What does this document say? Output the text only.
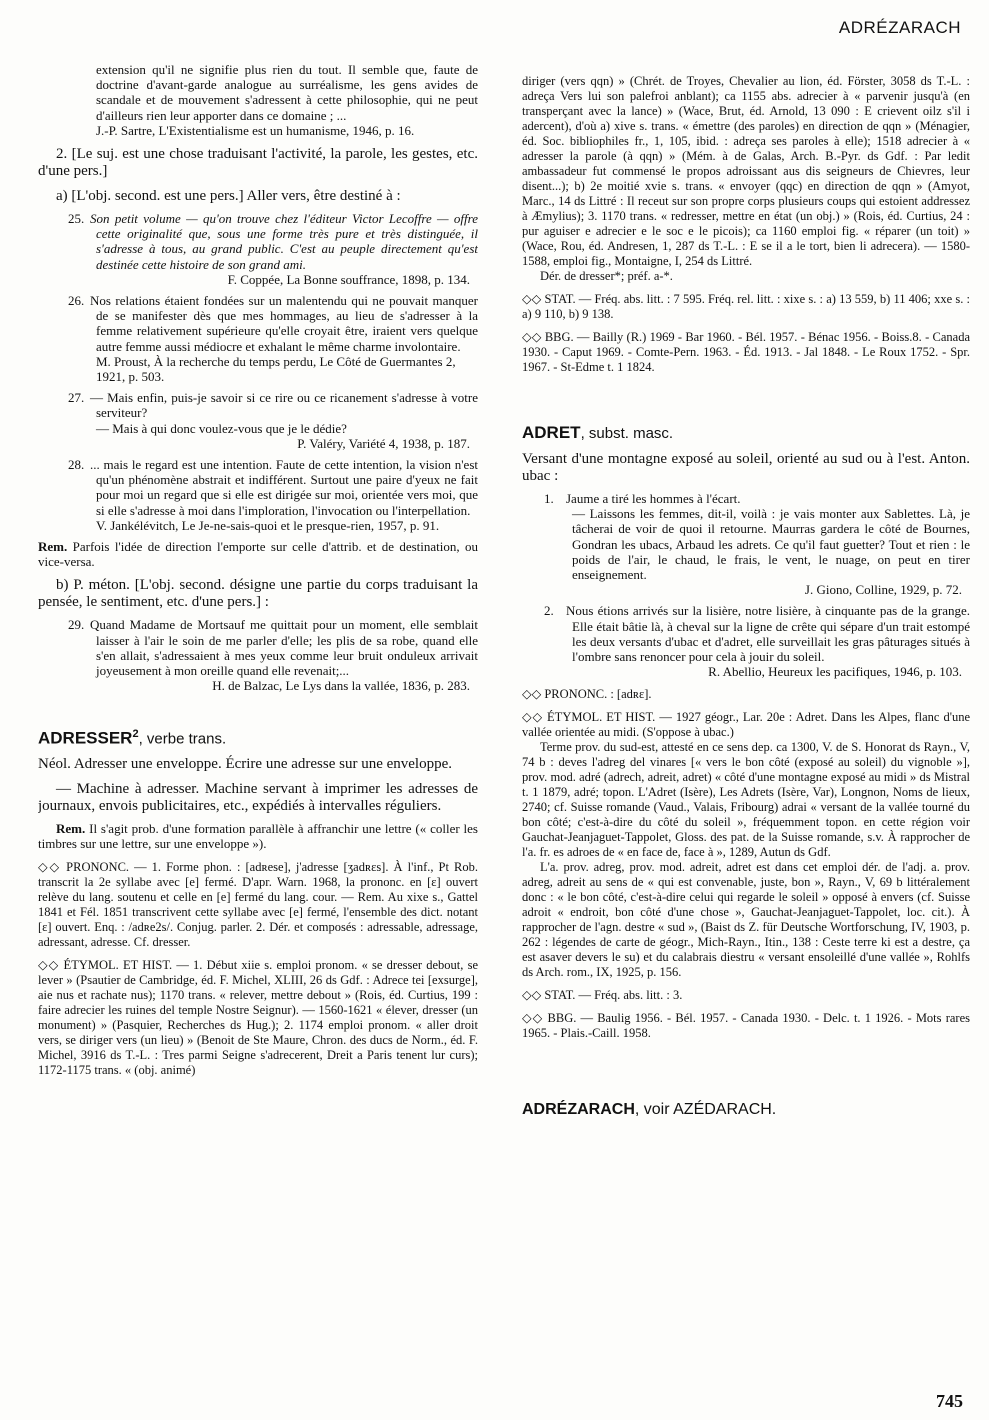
ADRÉZARACH
extension qu'il ne signifie plus rien du tout. Il semble que, faute de doctrine d'avant-garde analogue au surréalisme, les gens avides de scandale et de mouvement s'adressent à cette philosophie, qui ne peut d'ailleurs rien leur apporter dans ce domaine ; ...
J.-P. Sartre, L'Existentialisme est un humanisme, 1946, p. 16.
2. [Le suj. est une chose traduisant l'activité, la parole, les gestes, etc. d'une pers.]
a) [L'obj. second. est une pers.] Aller vers, être destiné à :
25. Son petit volume — qu'on trouve chez l'éditeur Victor Lecoffre — offre cette originalité que, sous une forme très pure et très distinguée, il s'adresse à tous, au grand public. C'est au peuple directement qu'est destinée cette histoire de son grand ami.
F. Coppée, La Bonne souffrance, 1898, p. 134.
26. Nos relations étaient fondées sur un malentendu qui ne pouvait manquer de se manifester dès que mes hommages, au lieu de s'adresser à la femme relativement supérieure qu'elle croyait être, iraient vers quelque autre femme aussi médiocre et exhalant le même charme involontaire.
M. Proust, À la recherche du temps perdu, Le Côté de Guermantes 2, 1921, p. 503.
27. — Mais enfin, puis-je savoir si ce rire ou ce ricanement s'adresse à votre serviteur?
— Mais à qui donc voulez-vous que je le dédie?
P. Valéry, Variété 4, 1938, p. 187.
28. ... mais le regard est une intention. Faute de cette intention, la vision n'est qu'un phénomène abstrait et indifférent. Surtout une paire d'yeux ne fait pour moi un regard que si elle est dirigée sur moi, orientée vers moi, que si elle s'adresse à moi dans l'imploration, l'invocation ou l'interpellation.
V. Jankélévitch, Le Je-ne-sais-quoi et le presque-rien, 1957, p. 91.
Rem. Parfois l'idée de direction l'emporte sur celle d'attrib. et de destination, ou vice-versa.
b) P. méton. [L'obj. second. désigne une partie du corps traduisant la pensée, le sentiment, etc. d'une pers.] :
29. Quand Madame de Mortsauf me quittait pour un moment, elle semblait laisser à l'air le soin de me parler d'elle; les plis de sa robe, quand elle s'en allait, s'adressaient à mes yeux comme leur bruit onduleux arrivait joyeusement à mon oreille quand elle revenait;...
H. de Balzac, Le Lys dans la vallée, 1836, p. 283.
ADRESSER$^2$, verbe trans.
Néol. Adresser une enveloppe. Écrire une adresse sur une enveloppe.
— Machine à adresser. Machine servant à imprimer les adresses de journaux, envois publicitaires, etc., expédiés à intervalles réguliers.
Rem. Il s'agit prob. d'une formation parallèle à affranchir une lettre (« coller les timbres sur une lettre, sur une enveloppe »).
◇◇ PRONONC. — 1. Forme phon. : [adʀese], j'adresse [ʒadʀɛs]. À l'inf., Pt Rob. transcrit la 2e syllabe avec [e] fermé. D'apr. Warn. 1968, la prononc. en [ɛ] ouvert relève du lang. soutenu et celle en [e] fermé du lang. cour. — Rem. Au xixe s., Gattel 1841 et Fél. 1851 transcrivent cette syllabe avec [e] fermé, l'ensemble des dict. notant [ɛ] ouvert. Enq. : /adʀe2s/. Conjug. parler. 2. Dér. et composés : adressable, adressage, adressant, adresse. Cf. dresser.
◇◇ ÉTYMOL. ET HIST. — 1. Début xiie s. emploi pronom. « se dresser debout, se lever » (Psautier de Cambridge, éd. F. Michel, XLIII, 26 ds Gdf. : Adrece tei [exsurge], aie nus et rachate nus); 1170 trans. « relever, mettre debout » (Rois, éd. Curtius, 199 : faire adrecier les ruines del temple Nostre Seignur). — 1560-1621 « élever, dresser (un monument) » (Pasquier, Recherches ds Hug.); 2. 1174 emploi pronom. « aller droit vers, se diriger vers (un lieu) » (Benoit de Ste Maure, Chron. des ducs de Norm., éd. F. Michel, 3916 ds T.-L. : Tres parmi Seigne s'adrecerent, Dreit a Paris tenent lur curs); 1172-1175 trans. « (obj. animé)
diriger (vers qqn) » (Chrét. de Troyes, Chevalier au lion, éd. Förster, 3058 ds T.-L. : adreça Vers lui son palefroi anblant); ca 1155 abs. adrecier à « parvenir jusqu'à (en transperçant avec la lance) » (Wace, Brut, éd. Arnold, 13 090 : E crievent oilz s'il i adercent), d'où a) xive s. trans. « émettre (des paroles) en direction de qqn » (Ménagier, éd. Soc. bibliophiles fr., 1, 105, ibid. : adreça ses paroles à elle); 1518 adrecier à « adresser la parole (à qqn) » (Mém. à de Galas, Arch. B.-Pyr. ds Gdf. : Par ledit ambassadeur fut commensé le propos adroissant aus dis seigneurs de Chievres, leur disent...); b) 2e moitié xvie s. trans. « envoyer (qqc) en direction de qqn » (Amyot, Marc., 14 ds Littré : Il receut sur son propre corps plusieurs coups qui estoient addressez à Æmylius); 3. 1170 trans. « redresser, mettre en état (un obj.) » (Rois, éd. Curtius, 24 : pur aguiser e adrecier e le soc e le picois); ca 1160 emploi fig. « réparer (un toit) » (Wace, Rou, éd. Andresen, 1, 287 ds T.-L. : E se il a le tort, bien li adrecera). — 1580-1588, emploi fig., Montaigne, I, 254 ds Littré.
Dér. de dresser*; préf. a-*.
◇◇ STAT. — Fréq. abs. litt. : 7 595. Fréq. rel. litt. : xixe s. : a) 13 559, b) 11 406; xxe s. : a) 9 110, b) 9 138.
◇◇ BBG. — Bailly (R.) 1969 - Bar 1960. - Bél. 1957. - Bénac 1956. - Boiss.8. - Canada 1930. - Caput 1969. - Comte-Pern. 1963. - Éd. 1913. - Jal 1848. - Le Roux 1752. - Spr. 1967. - St-Edme t. 1 1824.
ADRET, subst. masc.
Versant d'une montagne exposé au soleil, orienté au sud ou à l'est. Anton. ubac :
1. Jaume a tiré les hommes à l'écart.
— Laissons les femmes, dit-il, voilà : je vais monter aux Sablettes. Là, je tâcherai de voir de quoi il retourne. Maurras gardera le côté de Bournes, Gondran les ubacs, Arbaud les adrets. Ce qu'il faut guetter? Tout et rien : le poids de l'air, le chaud, le frais, le vent, le nuage, on peut en tirer enseignement.
J. Giono, Colline, 1929, p. 72.
2. Nous étions arrivés sur la lisière, notre lisière, à cinquante pas de la grange. Elle était bâtie là, à cheval sur la ligne de crête qui sépare d'un trait estompé les deux versants d'ubac et d'adret, elle surveillait les gras pâturages situés à l'ombre sans renoncer pour cela à jouir du soleil.
R. Abellio, Heureux les pacifiques, 1946, p. 103.
◇◇ PRONONC. : [adʀɛ].
◇◇ ÉTYMOL. ET HIST. — 1927 géogr., Lar. 20e : Adret. Dans les Alpes, flanc d'une vallée orientée au midi. (S'oppose à ubac.)
Terme prov. du sud-est, attesté en ce sens dep. ca 1300, V. de S. Honorat ds Rayn., V, 74 b : deves l'adreg del vinares [« vers le bon côté (exposé au soleil) du vignoble »], prov. mod. adré (adrech, adreit, adret) « côté d'une montagne exposé au midi » ds Mistral t. 1 1879, adré; topon. L'Adret (Isère), Les Adrets (Isère, Var), Longnon, Noms de lieux, 2740; cf. Suisse romande (Vaud., Valais, Fribourg) adrai « versant de la vallée tourné du bon côté; c'est-à-dire du côté du soleil », fréquemment topon. en cette région voir Gauchat-Jeanjaguet-Tappolet, Gloss. des pat. de la Suisse romande, s.v. À rapprocher de l'a. fr. es adroes de « en face de, face à », 1289, Autun ds Gdf.
L'a. prov. adreg, prov. mod. adreit, adret est dans cet emploi dér. de l'adj. a. prov. adreg, adreit au sens de « qui est convenable, juste, bon », Rayn., V, 69 b littéralement donc : « le bon côté, c'est-à-dire celui qui regarde le soleil » opposé à envers (cf. Suisse adroit « endroit, bon côté d'une chose », Gauchat-Jeanjaguet-Tappolet, loc. cit.). À rapprocher de l'agn. destre « sud », (Baist ds Z. für Deutsche Wortforschung, IV, 1903, p. 262 : légendes de carte de géogr., Mich-Rayn., Itin., 138 : Ceste terre ki est a destre, ça est asaver devers le su) et du calabrais diestru « versant ensoleillé d'une vallée », Rohlfs ds Arch. rom., IX, 1925, p. 156.
◇◇ STAT. — Fréq. abs. litt. : 3.
◇◇ BBG. — Baulig 1956. - Bél. 1957. - Canada 1930. - Delc. t. 1 1926. - Mots rares 1965. - Plais.-Caill. 1958.
ADRÉZARACH, voir AZÉDARACH.
745
